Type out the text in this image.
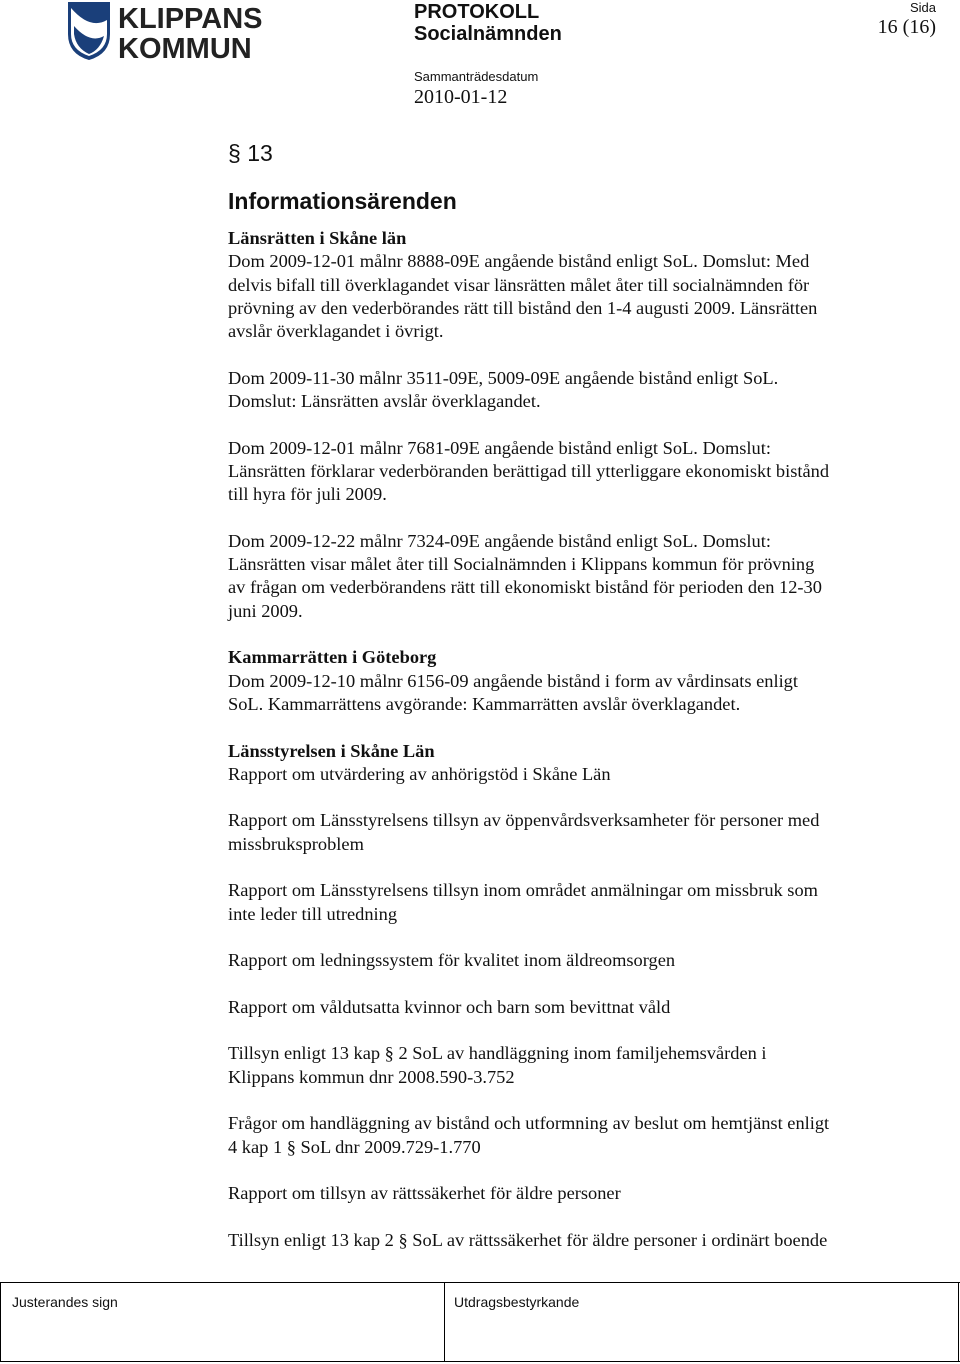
KLIPPANS
KOMMUN
PROTOKOLL
Socialnämnden
Sammanträdesdatum
2010-01-12
Sida
16 (16)

§ 13

Informationsärenden

Länsrätten i Skåne län
Dom 2009-12-01 målnr 8888-09E angående bistånd enligt SoL. Domslut: Med
delvis bifall till överklagandet visar länsrätten målet åter till socialnämnden för
prövning av den vederbörandes rätt till bistånd den 1-4 augusti 2009. Länsrätten
avslår överklagandet i övrigt.
Dom 2009-11-30 målnr 3511-09E, 5009-09E angående bistånd enligt SoL.
Domslut: Länsrätten avslår överklagandet.
Dom 2009-12-01 målnr 7681-09E angående bistånd enligt SoL. Domslut:
Länsrätten förklarar vederböranden berättigad till ytterliggare ekonomiskt bistånd
till hyra för juli 2009.
Dom 2009-12-22 målnr 7324-09E angående bistånd enligt SoL. Domslut:
Länsrätten visar målet åter till Socialnämnden i Klippans kommun för prövning
av frågan om vederbörandens rätt till ekonomiskt bistånd för perioden den 12-30
juni 2009.
Kammarrätten i Göteborg
Dom 2009-12-10 målnr 6156-09 angående bistånd i form av vårdinsats enligt
SoL. Kammarrättens avgörande: Kammarrätten avslår överklagandet.
Länsstyrelsen i Skåne Län
Rapport om utvärdering av anhörigstöd i Skåne Län
Rapport om Länsstyrelsens tillsyn av öppenvårdsverksamheter för personer med
missbruksproblem
Rapport om Länsstyrelsens tillsyn inom området anmälningar om missbruk som
inte leder till utredning
Rapport om ledningssystem för kvalitet inom äldreomsorgen
Rapport om våldutsatta kvinnor och barn som bevittnat våld
Tillsyn enligt 13 kap § 2 SoL av handläggning inom familjehemsvården i
Klippans kommun dnr 2008.590-3.752
Frågor om handläggning av bistånd och utformning av beslut om hemtjänst enligt
4 kap 1 § SoL dnr 2009.729-1.770
Rapport om tillsyn av rättssäkerhet för äldre personer
Tillsyn enligt 13 kap 2 § SoL av rättssäkerhet för äldre personer i ordinärt boende
Justerandes sign	Utdragsbestyrkande
